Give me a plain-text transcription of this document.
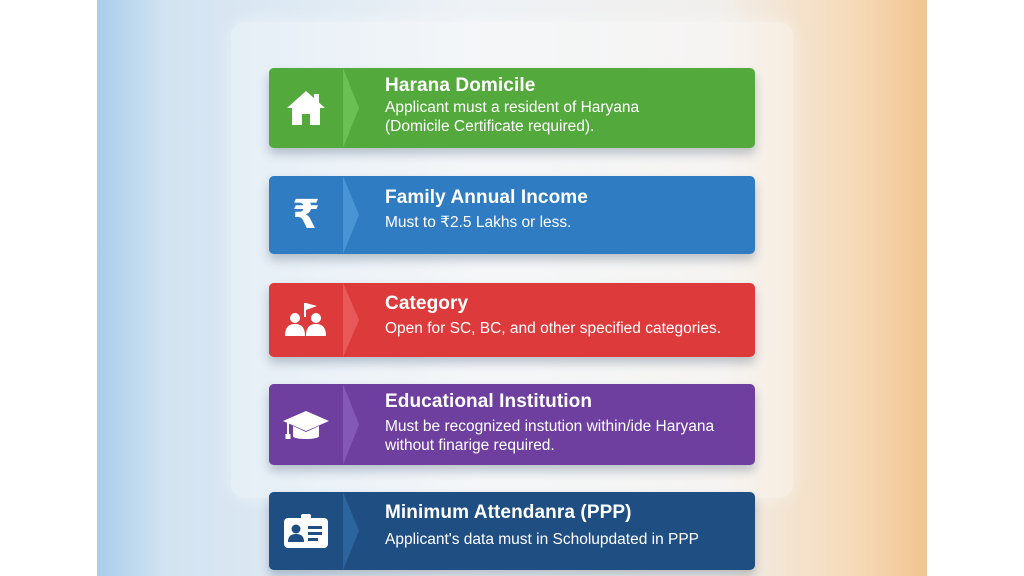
Harana Domicile
Applicant must a resident of Haryana
(Domicile Certificate required).
₹	Family Annual Income
Must to ₹2.5 Lakhs or less.
Category
Open for SC, BC, and other specified categories.
Educational Institution
Must be recognized instution within/ide Haryana
without finarige required.
Minimum Attendanra (PPP)
Applicant's data must in Scholupdated in PPP
